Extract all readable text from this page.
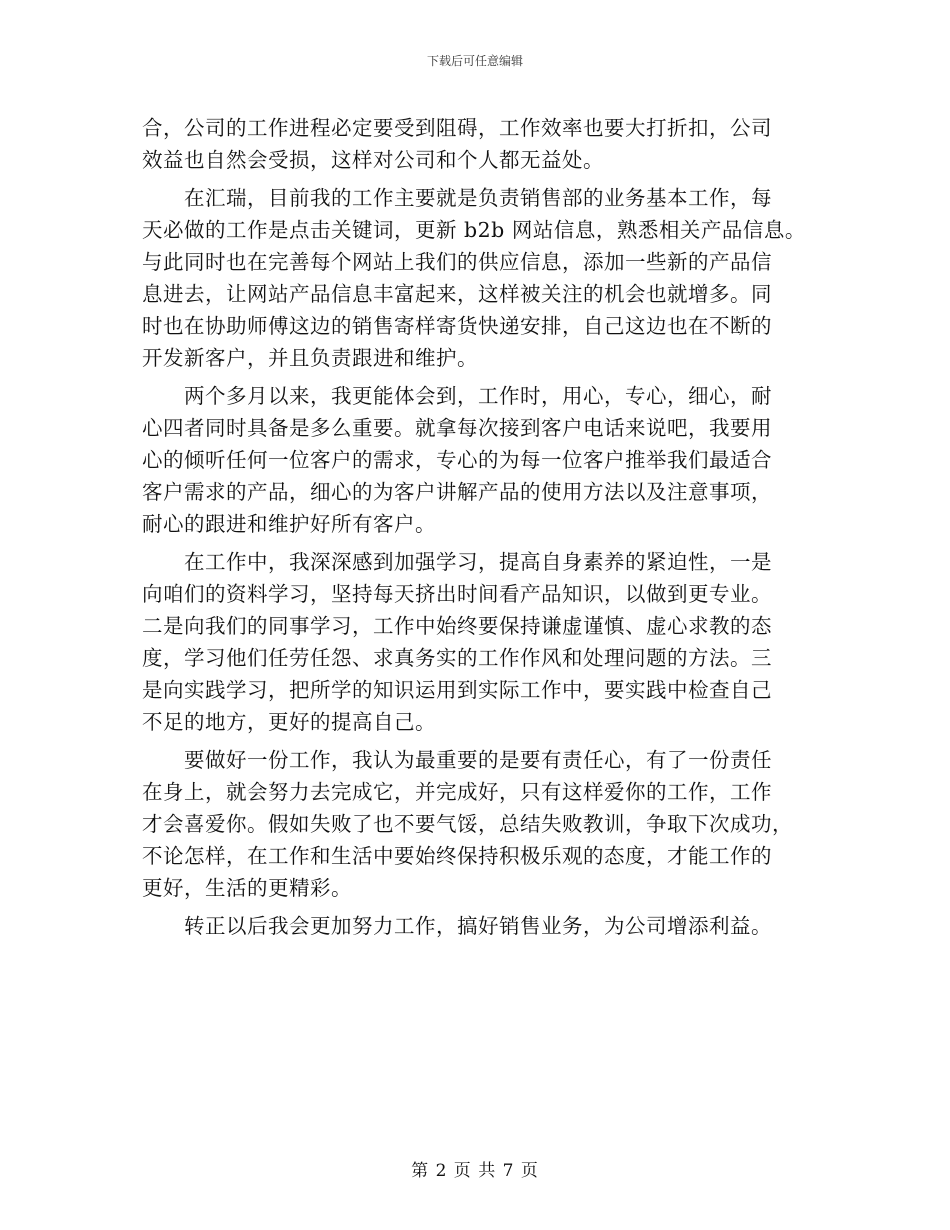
下载后可任意编辑
合，公司的工作进程必定要受到阻碍，工作效率也要大打折扣，公司
效益也自然会受损，这样对公司和个人都无益处。
　　在汇瑞，目前我的工作主要就是负责销售部的业务基本工作，每
天必做的工作是点击关键词，更新 b2b 网站信息，熟悉相关产品信息。
与此同时也在完善每个网站上我们的供应信息，添加一些新的产品信
息进去，让网站产品信息丰富起来，这样被关注的机会也就增多。同
时也在协助师傅这边的销售寄样寄货快递安排，自己这边也在不断的
开发新客户，并且负责跟进和维护。
　　两个多月以来，我更能体会到，工作时，用心，专心，细心，耐
心四者同时具备是多么重要。就拿每次接到客户电话来说吧，我要用
心的倾听任何一位客户的需求，专心的为每一位客户推举我们最适合
客户需求的产品，细心的为客户讲解产品的使用方法以及注意事项，
耐心的跟进和维护好所有客户。
　　在工作中，我深深感到加强学习，提高自身素养的紧迫性，一是
向咱们的资料学习，坚持每天挤出时间看产品知识，以做到更专业。
二是向我们的同事学习，工作中始终要保持谦虚谨慎、虚心求教的态
度，学习他们任劳任怨、求真务实的工作作风和处理问题的方法。三
是向实践学习，把所学的知识运用到实际工作中，要实践中检查自己
不足的地方，更好的提高自己。
　　要做好一份工作，我认为最重要的是要有责任心，有了一份责任
在身上，就会努力去完成它，并完成好，只有这样爱你的工作，工作
才会喜爱你。假如失败了也不要气馁，总结失败教训，争取下次成功，
不论怎样，在工作和生活中要始终保持积极乐观的态度，才能工作的
更好，生活的更精彩。
　　转正以后我会更加努力工作，搞好销售业务，为公司增添利益。
第 2 页 共 7 页
